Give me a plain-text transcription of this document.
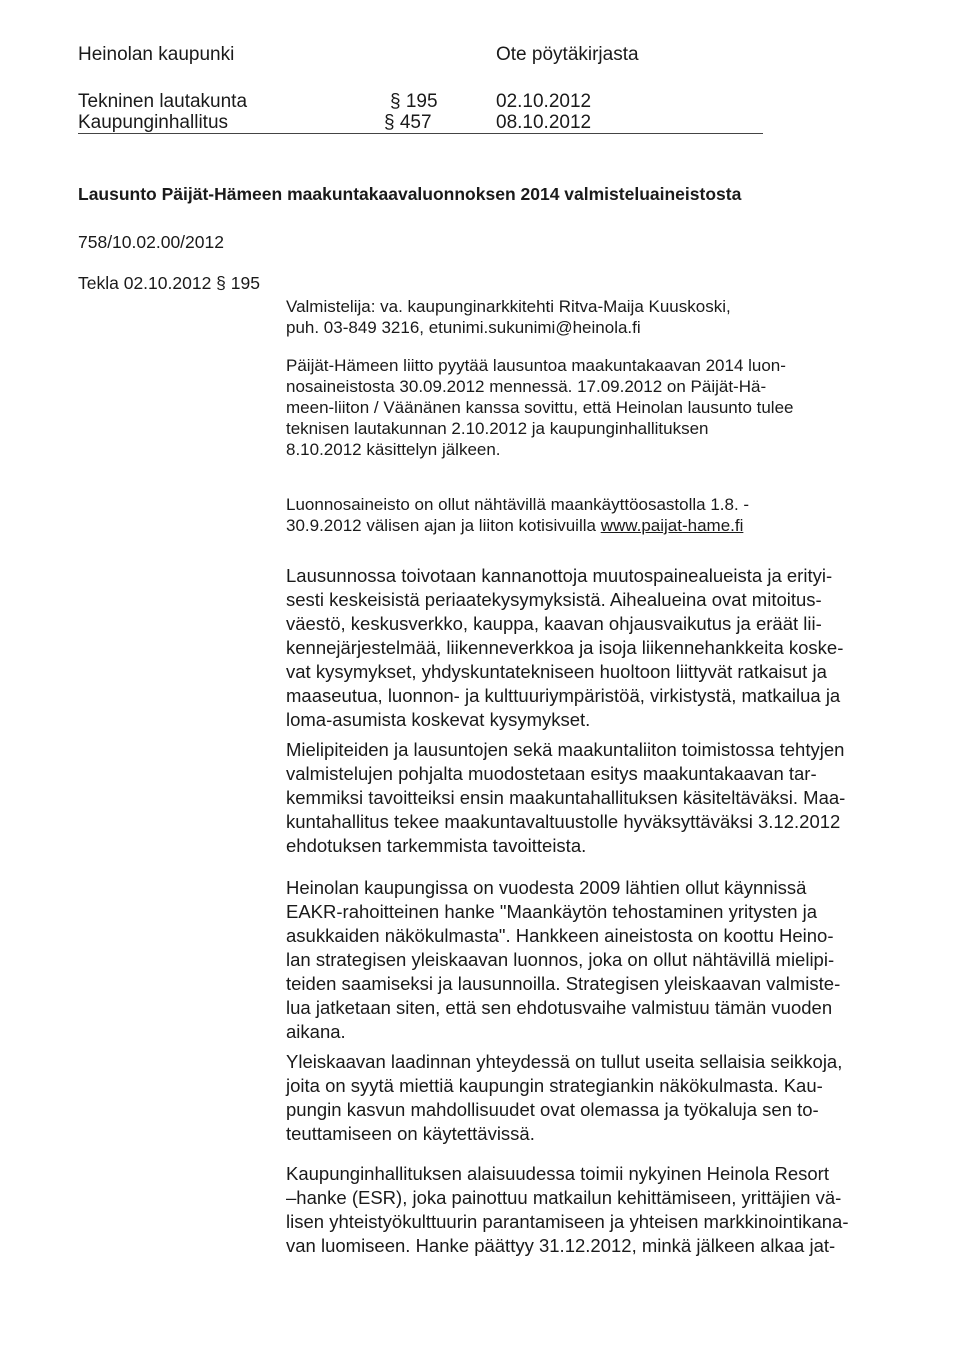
Heinolan kaupunki	Ote pöytäkirjasta
Tekninen lautakunta	§ 195	02.10.2012
Kaupunginhallitus	§ 457	08.10.2012
Lausunto Päijät-Hämeen maakuntakaavaluonnoksen 2014 valmisteluaineistosta
758/10.02.00/2012
Tekla 02.10.2012 § 195
Valmistelija: va. kaupunginarkkitehti Ritva-Maija Kuuskoski,
puh. 03-849 3216, etunimi.sukunimi@heinola.fi
Päijät-Hämeen liitto pyytää lausuntoa maakuntakaavan 2014 luon-
nosaineistosta 30.09.2012 mennessä. 17.09.2012 on Päijät-Hä-
meen-liiton / Väänänen kanssa sovittu, että Heinolan lausunto tulee
teknisen lautakunnan 2.10.2012 ja kaupunginhallituksen
8.10.2012 käsittelyn jälkeen.
Luonnosaineisto on ollut nähtävillä maankäyttöosastolla 1.8. -
30.9.2012 välisen ajan ja liiton kotisivuilla www.paijat-hame.fi
Lausunnossa toivotaan kannanottoja muutospainealueista ja erityi-
sesti keskeisistä periaatekysymyksistä. Aihealueina ovat mitoitus-
väestö, keskusverkko, kauppa, kaavan ohjausvaikutus ja eräät lii-
kennejärjestelmää, liikenneverkkoa ja isoja liikennehankkeita koske-
vat kysymykset, yhdyskuntatekniseen huoltoon liittyvät ratkaisut ja
maaseutua, luonnon- ja kulttuuriympäristöä, virkistystä, matkailua ja
loma-asumista koskevat kysymykset.
Mielipiteiden ja lausuntojen sekä maakuntaliiton toimistossa tehtyjen
valmistelujen pohjalta muodostetaan esitys maakuntakaavan tar-
kemmiksi tavoitteiksi ensin maakuntahallituksen käsiteltäväksi. Maa-
kuntahallitus tekee maakuntavaltuustolle hyväksyttäväksi 3.12.2012
ehdotuksen tarkemmista tavoitteista.
Heinolan kaupungissa on vuodesta 2009 lähtien ollut käynnissä
EAKR-rahoitteinen hanke "Maankäytön tehostaminen yritysten ja
asukkaiden näkökulmasta". Hankkeen aineistosta on koottu Heino-
lan strategisen yleiskaavan luonnos, joka on ollut nähtävillä mielipi-
teiden saamiseksi ja lausunnoilla. Strategisen yleiskaavan valmiste-
lua jatketaan siten, että sen ehdotusvaihe valmistuu tämän vuoden
aikana.
Yleiskaavan laadinnan yhteydessä on tullut useita sellaisia seikkoja,
joita on syytä miettiä kaupungin strategiankin näkökulmasta. Kau-
pungin kasvun mahdollisuudet ovat olemassa ja työkaluja sen to-
teuttamiseen on käytettävissä.
Kaupunginhallituksen alaisuudessa toimii nykyinen Heinola Resort
–hanke (ESR), joka painottuu matkailun kehittämiseen, yrittäjien vä-
lisen yhteistyökulttuurin parantamiseen ja yhteisen markkinointikana-
van luomiseen. Hanke päättyy 31.12.2012, minkä jälkeen alkaa jat-
